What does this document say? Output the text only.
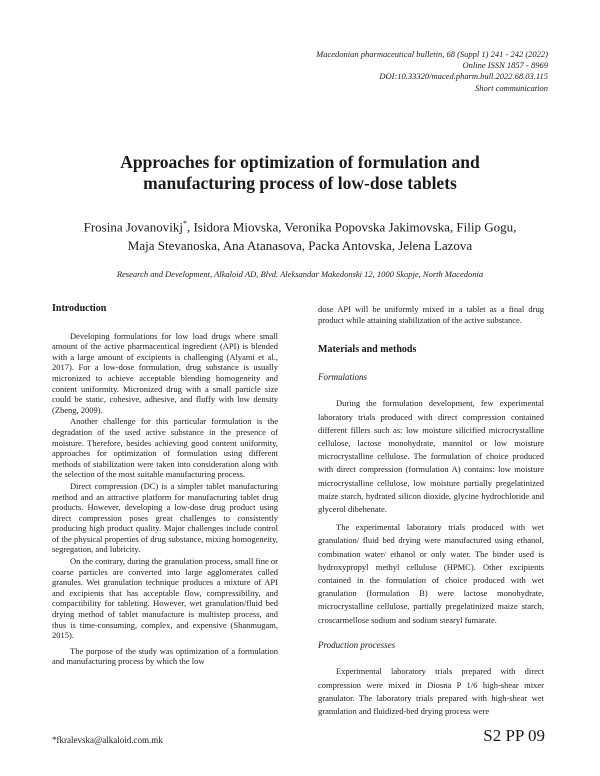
Macedonian pharmaceutical bulletin, 68 (Suppl 1) 241 - 242 (2022)
Online ISSN 1857 - 8969
DOI:10.33320/maced.pharm.bull.2022.68.03.115
Short communication
Approaches for optimization of formulation and
manufacturing process of low-dose tablets
Frosina Jovanovikj*, Isidora Miovska, Veronika Popovska Jakimovska, Filip Gogu,
Maja Stevanoska, Ana Atanasova, Packa Antovska, Jelena Lazova
Research and Development, Alkaloid AD, Blvd. Aleksandar Makedonski 12, 1000 Skopje, North Macedonia
Introduction

Developing formulations for low load drugs where small amount of the active pharmaceutical ingredient (API) is blended with a large amount of excipients is challenging (Alyami et al., 2017). For a low-dose formulation, drug substance is usually micronized to achieve acceptable blending homogeneity and content uniformity. Micronized drug with a small particle size could be static, cohesive, adhesive, and fluffy with low density (Zheng, 2009).

Another challenge for this particular formulation is the degradation of the used active substance in the presence of moisture. Therefore, besides achieving good content uniformity, approaches for optimization of formulation using different methods of stabilization were taken into consideration along with the selection of the most suitable manufacturing process.

Direct compression (DC) is a simpler tablet manufacturing method and an attractive platform for manufacturing tablet drug products. However, developing a low-dose drug product using direct compression poses great challenges to consistently producing high product quality. Major challenges include control of the physical properties of drug substance, mixing homogeneity, segregation, and lubricity.

On the contrary, during the granulation process, small fine or coarse particles are converted into large agglomerates called granules. Wet granulation technique produces a mixture of API and excipients that has acceptable flow, compressibility, and compactibility for tableting. However, wet granulation/fluid bed drying method of tablet manufacture is multistep process, and thus is time-consuming, complex, and expensive (Shanmugam, 2015).

The purpose of the study was optimization of a formulation and manufacturing process by which the low

dose API will be uniformly mixed in a tablet as a final drug product while attaining stabilization of the active substance.

Materials and methods
Formulations

During the formulation development, few experimental laboratory trials produced with direct compression contained different fillers such as: low moisture silicified microcrystalline cellulose, lactose monohydrate, mannitol or low moisture microcrystalline cellulose. The formulation of choice produced with direct compression (formulation A) contains: low moisture microcrystalline cellulose, low moisture partially pregelatinized maize starch, hydrated silicon dioxide, glycine hydrochloride and glycerol dibehenate.

The experimental laboratory trials produced with wet granulation/ fluid bed drying were manufactured using ethanol, combination water/ ethanol or only water. The binder used is hydroxypropyl methyl cellulose (HPMC). Other excipients contained in the formulation of choice produced with wet granulation (formulation B) were lactose monohydrate, microcrystalline cellulose, partially pregelatinized maize starch, croscarmellose sodium and sodium stearyl fumarate.

Production processes

Experimental laboratory trials prepared with direct compression were mixed in Diosna P 1/6 high-shear mixer granulator. The laboratory trials prepared with high-shear wet granulation and fluidized-bed drying process were

*fkralevska@alkaloid.com.mk	S2 PP 09
